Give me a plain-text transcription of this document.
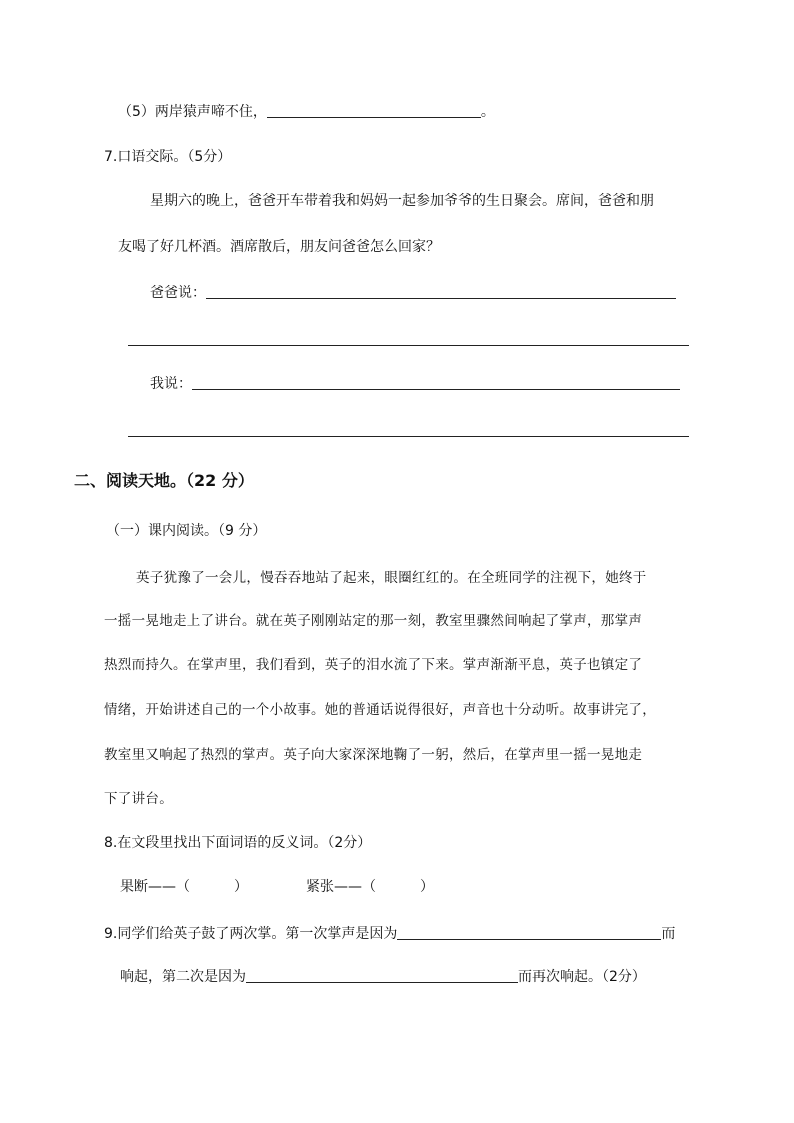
（5）两岸猿声啼不住，	。
7.口语交际。（5分）
星期六的晚上，爸爸开车带着我和妈妈一起参加爷爷的生日聚会。席间，爸爸和朋
友喝了好几杯酒。酒席散后，朋友问爸爸怎么回家？
爸爸说：
我说：
二、阅读天地。（22 分）
（一）课内阅读。（9 分）
英子犹豫了一会儿，慢吞吞地站了起来，眼圈红红的。在全班同学的注视下，她终于
一摇一晃地走上了讲台。就在英子刚刚站定的那一刻，教室里骤然间响起了掌声，那掌声
热烈而持久。在掌声里，我们看到，英子的泪水流了下来。掌声渐渐平息，英子也镇定了
情绪，开始讲述自己的一个小故事。她的普通话说得很好，声音也十分动听。故事讲完了，
教室里又响起了热烈的掌声。英子向大家深深地鞠了一躬，然后，在掌声里一摇一晃地走
下了讲台。
8.在文段里找出下面词语的反义词。（2分）
果断——（	）	紧张——（	）
9.同学们给英子鼓了两次掌。第一次掌声是因为	而
响起，第二次是因为	而再次响起。（2分）
